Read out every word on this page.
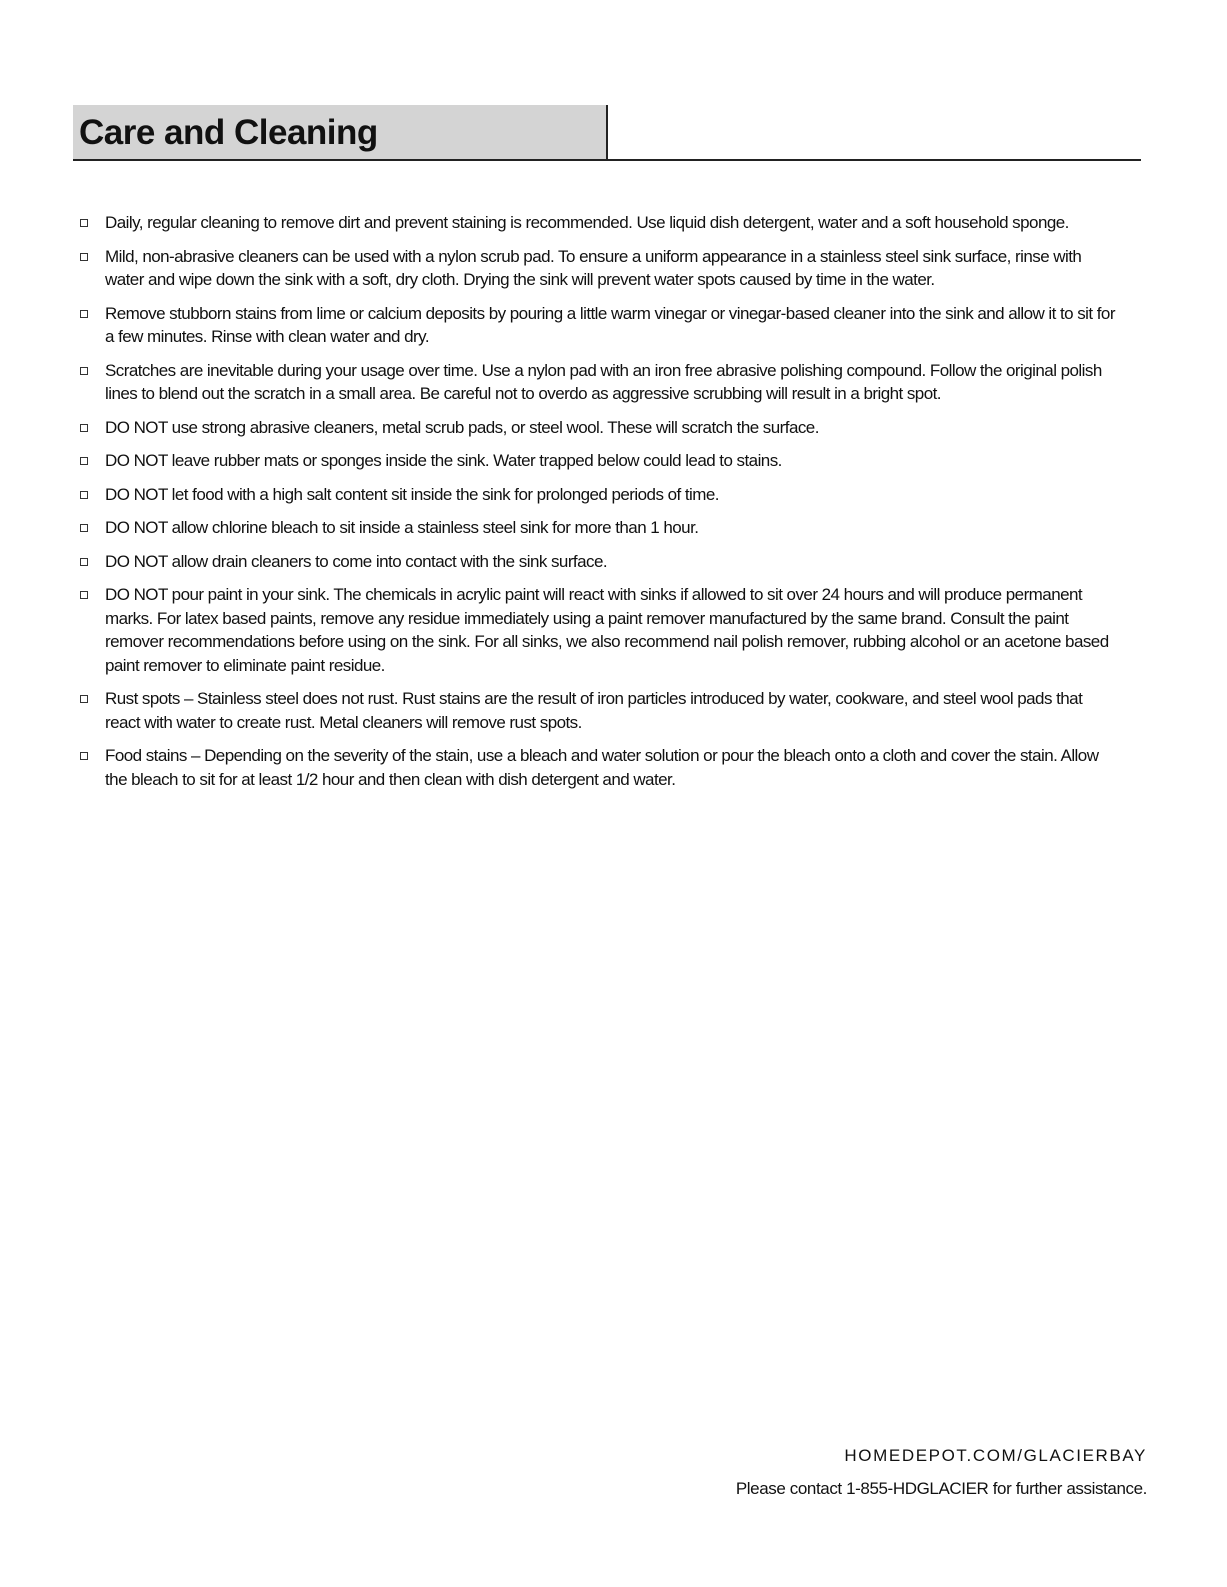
Care and Cleaning
Daily, regular cleaning to remove dirt and prevent staining is recommended. Use liquid dish detergent, water and a soft household sponge.
Mild, non-abrasive cleaners can be used with a nylon scrub pad. To ensure a uniform appearance in a stainless steel sink surface, rinse with water and wipe down the sink with a soft, dry cloth. Drying the sink will prevent water spots caused by time in the water.
Remove stubborn stains from lime or calcium deposits by pouring a little warm vinegar or vinegar-based cleaner into the sink and allow it to sit for a few minutes. Rinse with clean water and dry.
Scratches are inevitable during your usage over time. Use a nylon pad with an iron free abrasive polishing compound. Follow the original polish lines to blend out the scratch in a small area. Be careful not to overdo as aggressive scrubbing will result in a bright spot.
DO NOT use strong abrasive cleaners, metal scrub pads, or steel wool. These will scratch the surface.
DO NOT leave rubber mats or sponges inside the sink. Water trapped below could lead to stains.
DO NOT let food with a high salt content sit inside the sink for prolonged periods of time.
DO NOT allow chlorine bleach to sit inside a stainless steel sink for more than 1 hour.
DO NOT allow drain cleaners to come into contact with the sink surface.
DO NOT pour paint in your sink. The chemicals in acrylic paint will react with sinks if allowed to sit over 24 hours and will produce permanent marks. For latex based paints, remove any residue immediately using a paint remover manufactured by the same brand. Consult the paint remover recommendations before using on the sink. For all sinks, we also recommend nail polish remover, rubbing alcohol or an acetone based paint remover to eliminate paint residue.
Rust spots – Stainless steel does not rust. Rust stains are the result of iron particles introduced by water, cookware, and steel wool pads that react with water to create rust. Metal cleaners will remove rust spots.
Food stains – Depending on the severity of the stain, use a bleach and water solution or pour the bleach onto a cloth and cover the stain. Allow the bleach to sit for at least 1/2 hour and then clean with dish detergent and water.
HOMEDEPOT.COM/GLACIERBAY
Please contact 1-855-HDGLACIER for further assistance.
